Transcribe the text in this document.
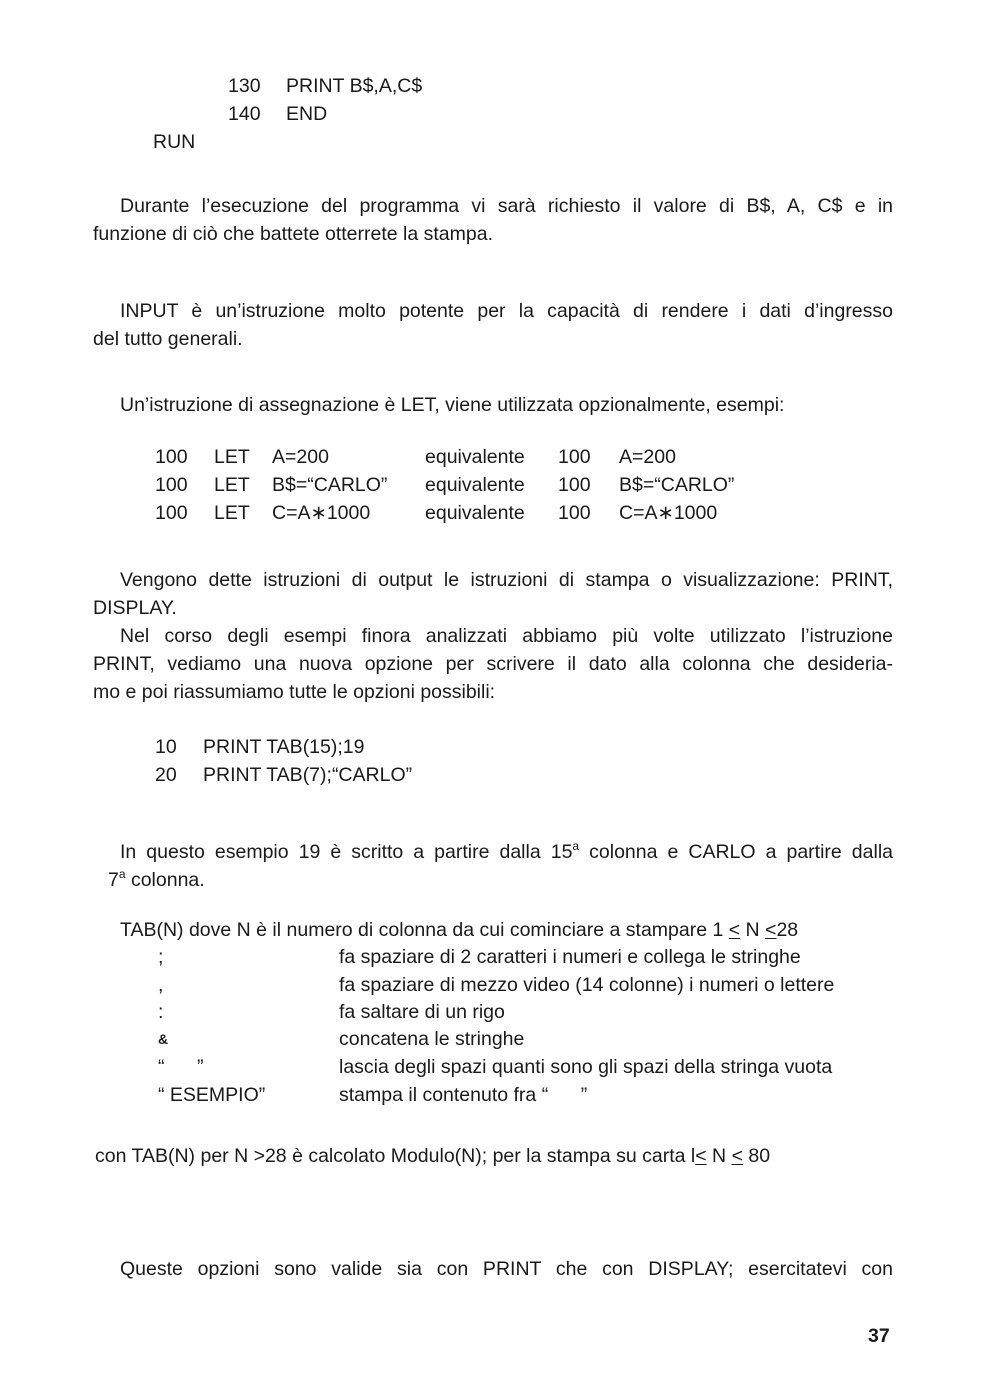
130 PRINT B$,A,C$
140 END
RUN
Durante l’esecuzione del programma vi sarà richiesto il valore di B$, A, C$ e in
funzione di ciò che battete otterrete la stampa.
INPUT è un’istruzione molto potente per la capacità di rendere i dati d’ingresso
del tutto generali.
Un’istruzione di assegnazione è LET, viene utilizzata opzionalmente, esempi:
100 LET A=200	equivalente 100 A=200
100 LET B$=“CARLO” equivalente 100 B$=“CARLO”
100 LET C=A∗1000	equivalente 100 C=A∗1000
Vengono dette istruzioni di output le istruzioni di stampa o visualizzazione: PRINT,
DISPLAY.
Nel corso degli esempi finora analizzati abbiamo più volte utilizzato l’istruzione
PRINT, vediamo una nuova opzione per scrivere il dato alla colonna che desideria-
mo e poi riassumiamo tutte le opzioni possibili:
10 PRINT TAB(15);19
20 PRINT TAB(7);“CARLO”
In questo esempio 19 è scritto a partire dalla 15$^a$ colonna e CARLO a partire dalla
7$^a$ colonna.
TAB(N) dove N è il numero di colonna da cui cominciare a stampare 1 ≤ N ≤28
;	fa spaziare di 2 caratteri i numeri e collega le stringhe
,	fa spaziare di mezzo video (14 colonne) i numeri o lettere
:	fa saltare di un rigo
&	concatena le stringhe
“      ”	lascia degli spazi quanti sono gli spazi della stringa vuota
“ ESEMPIO”	stampa il contenuto fra “      ”
con TAB(N) per N >28 è calcolato Modulo(N); per la stampa su carta l≤ N ≤ 80
Queste opzioni sono valide sia con PRINT che con DISPLAY; esercitatevi con
37
